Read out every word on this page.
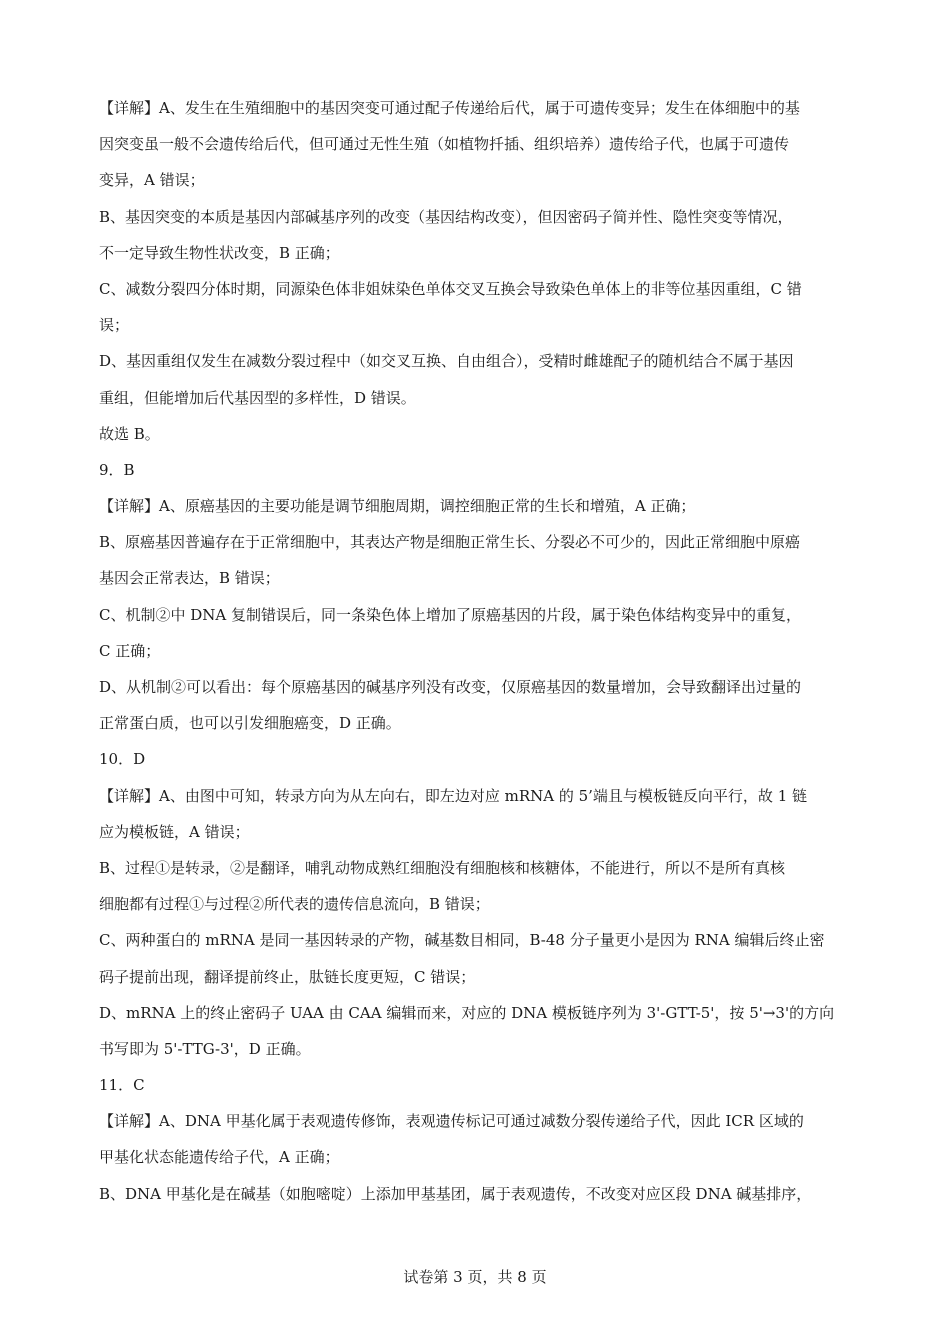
【详解】A、发生在生殖细胞中的基因突变可通过配子传递给后代，属于可遗传变异；发生在体细胞中的基
因突变虽一般不会遗传给后代，但可通过无性生殖（如植物扦插、组织培养）遗传给子代，也属于可遗传
变异，A 错误；
B、基因突变的本质是基因内部碱基序列的改变（基因结构改变），但因密码子简并性、隐性突变等情况，
不一定导致生物性状改变，B 正确；
C、减数分裂四分体时期，同源染色体非姐妹染色单体交叉互换会导致染色单体上的非等位基因重组，C 错
误；
D、基因重组仅发生在减数分裂过程中（如交叉互换、自由组合），受精时雌雄配子的随机结合不属于基因
重组，但能增加后代基因型的多样性，D 错误。
故选 B。
9．B
【详解】A、原癌基因的主要功能是调节细胞周期，调控细胞正常的生长和增殖，A 正确；
B、原癌基因普遍存在于正常细胞中，其表达产物是细胞正常生长、分裂必不可少的，因此正常细胞中原癌
基因会正常表达，B 错误；
C、机制②中 DNA 复制错误后，同一条染色体上增加了原癌基因的片段，属于染色体结构变异中的重复，
C 正确；
D、从机制②可以看出：每个原癌基因的碱基序列没有改变，仅原癌基因的数量增加，会导致翻译出过量的
正常蛋白质，也可以引发细胞癌变，D 正确。
10．D
【详解】A、由图中可知，转录方向为从左向右，即左边对应 mRNA 的 5’端且与模板链反向平行，故 1 链
应为模板链，A 错误；
B、过程①是转录，②是翻译，哺乳动物成熟红细胞没有细胞核和核糖体，不能进行，所以不是所有真核
细胞都有过程①与过程②所代表的遗传信息流向，B 错误；
C、两种蛋白的 mRNA 是同一基因转录的产物，碱基数目相同，B-48 分子量更小是因为 RNA 编辑后终止密
码子提前出现，翻译提前终止，肽链长度更短，C 错误；
D、mRNA 上的终止密码子 UAA 由 CAA 编辑而来，对应的 DNA 模板链序列为 3'-GTT-5'，按 5'→3'的方向
书写即为 5'-TTG-3'，D 正确。
11．C
【详解】A、DNA 甲基化属于表观遗传修饰，表观遗传标记可通过减数分裂传递给子代，因此 ICR 区域的
甲基化状态能遗传给子代，A 正确；
B、DNA 甲基化是在碱基（如胞嘧啶）上添加甲基基团，属于表观遗传，不改变对应区段 DNA 碱基排序，
试卷第 3 页，共 8 页
